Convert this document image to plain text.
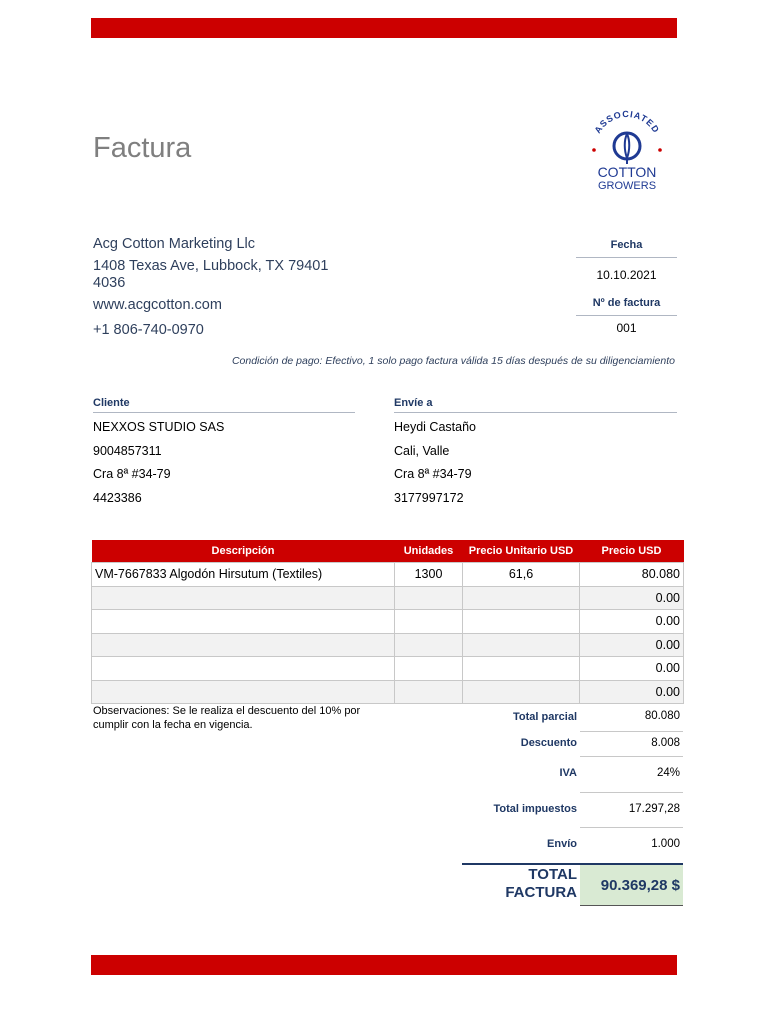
Factura
ASSOCIATED
COTTON
GROWERS
Acg Cotton Marketing Llc
1408 Texas Ave, Lubbock, TX 79401
4036
www.acgcotton.com
+1 806-740-0970
Fecha
10.10.2021
Nº de factura
001
Condición de pago: Efectivo, 1 solo pago factura válida 15 días después de su diligenciamiento
Cliente
NEXXOS STUDIO SAS
9004857311
Cra 8ª #34-79
4423386
Envíe a
Heydi Castaño
Cali, Valle
Cra 8ª #34-79
3177997172
Descripción	Unidades	Precio Unitario USD	Precio USD
VM-7667833 Algodón Hirsutum (Textiles)	1300	61,6	80.080
			0.00
			0.00
			0.00
			0.00
			0.00
Observaciones: Se le realiza el descuento del 10% por cumplir con la fecha en vigencia.
Total parcial	80.080
Descuento	8.008
IVA	24%
Total impuestos	17.297,28
Envío	1.000
TOTAL
FACTURA	90.369,28 $
